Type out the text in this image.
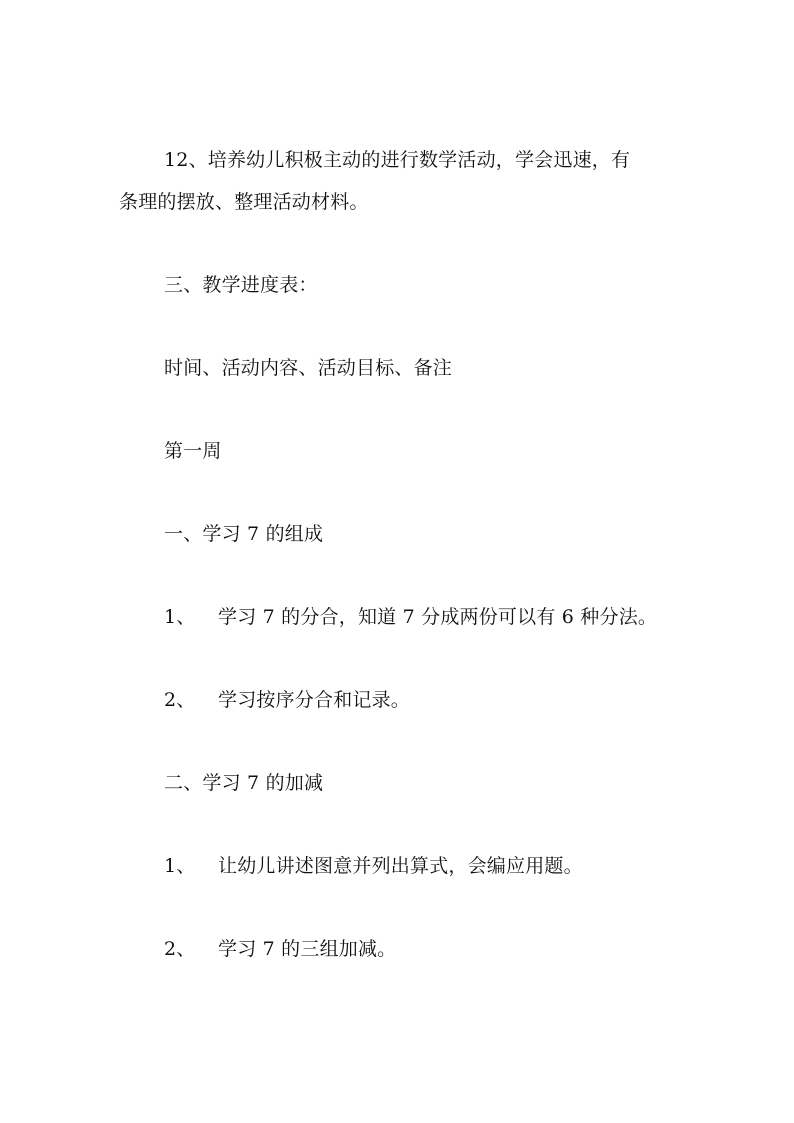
12、培养幼儿积极主动的进行数学活动，学会迅速，有
条理的摆放、整理活动材料。
三、教学进度表：
时间、活动内容、活动目标、备注
第一周
一、学习 7 的组成
1、 学习 7 的分合，知道 7 分成两份可以有 6 种分法。
2、 学习按序分合和记录。
二、学习 7 的加减
1、 让幼儿讲述图意并列出算式，会编应用题。
2、 学习 7 的三组加减。
